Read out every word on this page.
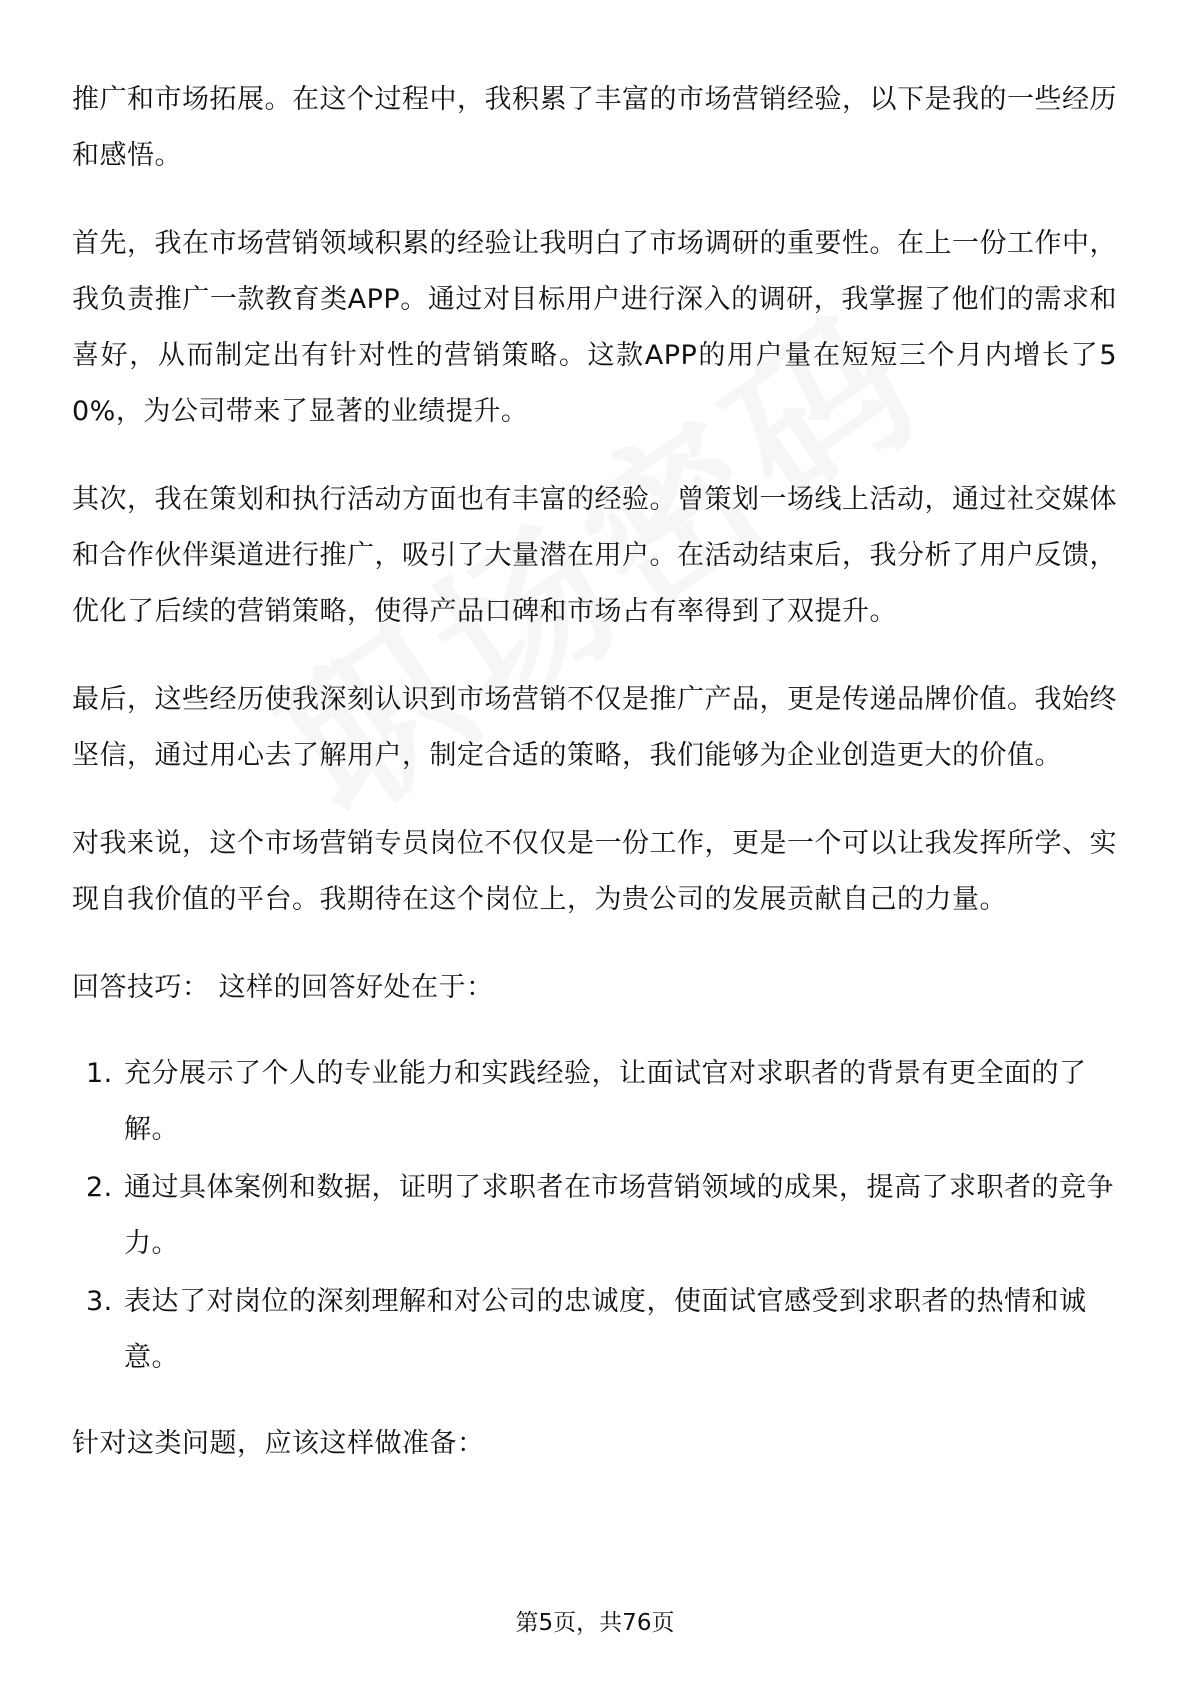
推广和市场拓展。在这个过程中，我积累了丰富的市场营销经验，以下是我的一些经历和感悟。

首先，我在市场营销领域积累的经验让我明白了市场调研的重要性。在上一份工作中，我负责推广一款教育类APP。通过对目标用户进行深入的调研，我掌握了他们的需求和喜好，从而制定出有针对性的营销策略。这款APP的用户量在短短三个月内增长了50%，为公司带来了显著的业绩提升。

其次，我在策划和执行活动方面也有丰富的经验。曾策划一场线上活动，通过社交媒体和合作伙伴渠道进行推广，吸引了大量潜在用户。在活动结束后，我分析了用户反馈，优化了后续的营销策略，使得产品口碑和市场占有率得到了双提升。

最后，这些经历使我深刻认识到市场营销不仅是推广产品，更是传递品牌价值。我始终坚信，通过用心去了解用户，制定合适的策略，我们能够为企业创造更大的价值。

对我来说，这个市场营销专员岗位不仅仅是一份工作，更是一个可以让我发挥所学、实现自我价值的平台。我期待在这个岗位上，为贵公司的发展贡献自己的力量。

回答技巧： 这样的回答好处在于：

1. 充分展示了个人的专业能力和实践经验，让面试官对求职者的背景有更全面的了解。
2. 通过具体案例和数据，证明了求职者在市场营销领域的成果，提高了求职者的竞争力。
3. 表达了对岗位的深刻理解和对公司的忠诚度，使面试官感受到求职者的热情和诚意。

针对这类问题，应该这样做准备：

第5页，共76页
